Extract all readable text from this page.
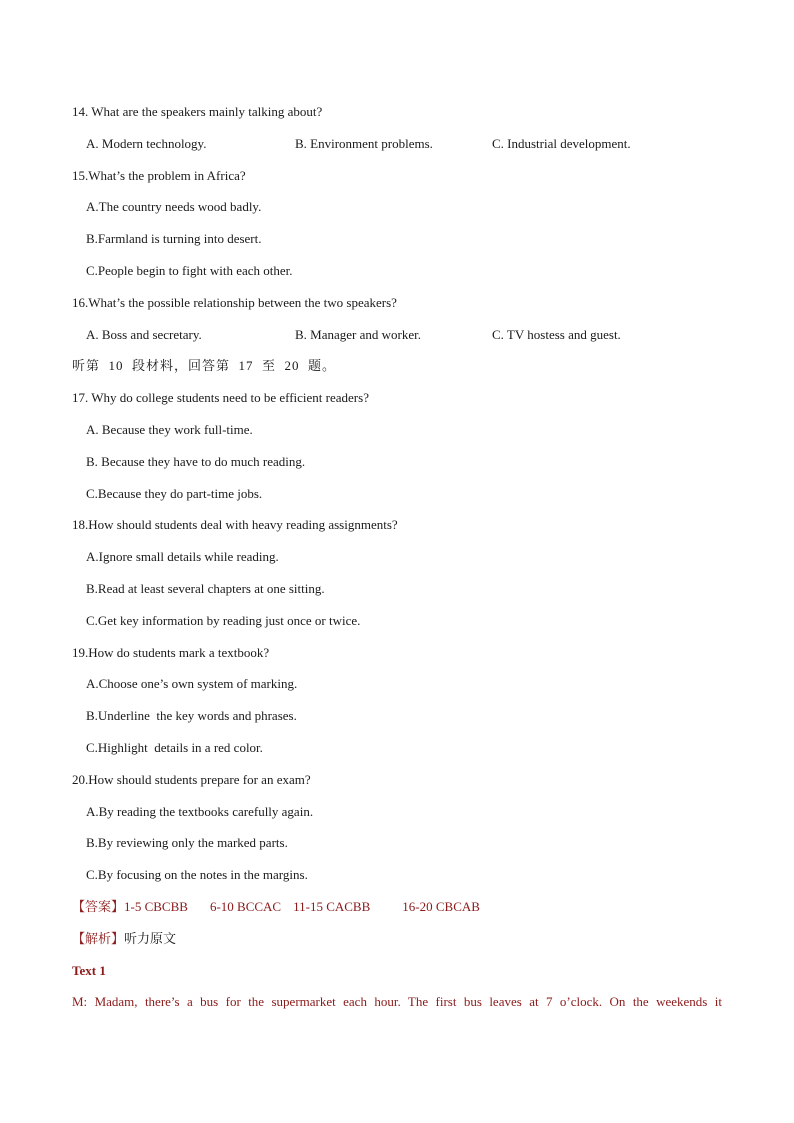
14. What are the speakers mainly talking about?
A. Modern technology.	B. Environment problems.	C. Industrial development.
15.What’s the problem in Africa?
A.The country needs wood badly.
B.Farmland is turning into desert.
C.People begin to fight with each other.
16.What’s the possible relationship between the two speakers?
A. Boss and secretary.	B. Manager and worker.	C. TV hostess and guest.
听第  10  段材料，回答第  17  至  20  题。
17. Why do college students need to be efficient readers?
A. Because they work full-time.
B. Because they have to do much reading.
C.Because they do part-time jobs.
18.How should students deal with heavy reading assignments?
A.Ignore small details while reading.
B.Read at least several chapters at one sitting.
C.Get key information by reading just once or twice.
19.How do students mark a textbook?
A.Choose one’s own system of marking.
B.Underline  the key words and phrases.
C.Highlight  details in a red color.
20.How should students prepare for an exam?
A.By reading the textbooks carefully again.
B.By reviewing only the marked parts.
C.By focusing on the notes in the margins.
【答案】1-5 CBCBB 6-10 BCCAC 11-15 CACBB 16-20 CBCAB
【解析】听力原文
Text 1
M: Madam, there’s a bus for the supermarket each hour. The first bus leaves at 7 o’clock. On the weekends it
